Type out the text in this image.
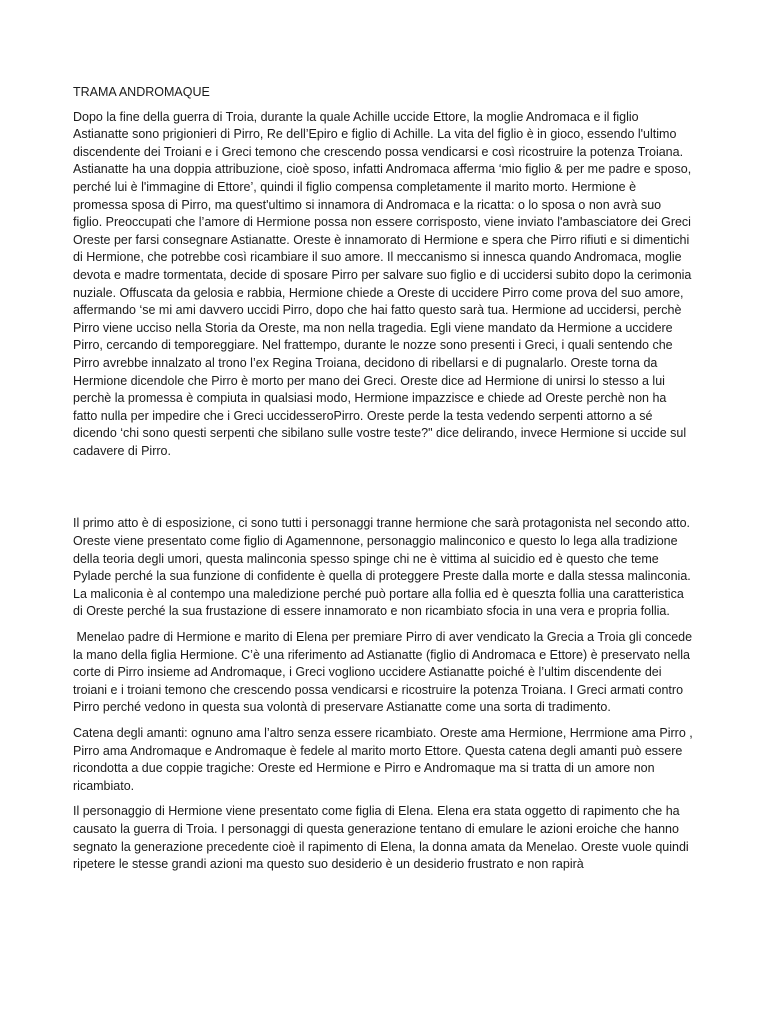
TRAMA ANDROMAQUE

Dopo la fine della guerra di Troia, durante la quale Achille uccide Ettore, la moglie Andromaca e il figlio Astianatte sono prigionieri di Pirro, Re dell’Epiro e figlio di Achille. La vita del figlio è in gioco, essendo l'ultimo discendente dei Troiani e i Greci temono che crescendo possa vendicarsi e così ricostruire la potenza Troiana. Astianatte ha una doppia attribuzione, cioè sposo, infatti Andromaca afferma ‘mio figlio & per me padre e sposo, perché lui è l'immagine di Ettore’, quindi il figlio compensa completamente il marito morto. Hermione è promessa sposa di Pirro, ma quest'ultimo si innamora di Andromaca e la ricatta: o lo sposa o non avrà suo figlio. Preoccupati che l’amore di Hermione possa non essere corrisposto, viene inviato l'ambasciatore dei Greci Oreste per farsi consegnare Astianatte. Oreste è innamorato di Hermione e spera che Pirro rifiuti e si dimentichi di Hermione, che potrebbe così ricambiare il suo amore. Il meccanismo si innesca quando Andromaca, moglie devota e madre tormentata, decide di sposare Pirro per salvare suo figlio e di uccidersi subito dopo la cerimonia nuziale. Offuscata da gelosia e rabbia, Hermione chiede a Oreste di uccidere Pirro come prova del suo amore, affermando ‘se mi ami davvero uccidi Pirro, dopo che hai fatto questo sarà tua. Hermione ad uccidersi, perchè Pirro viene ucciso nella Storia da Oreste, ma non nella tragedia. Egli viene mandato da Hermione a uccidere Pirro, cercando di temporeggiare. Nel frattempo, durante le nozze sono presenti i Greci, i quali sentendo che Pirro avrebbe innalzato al trono l’ex Regina Troiana, decidono di ribellarsi e di pugnalarlo. Oreste torna da Hermione dicendole che Pirro è morto per mano dei Greci. Oreste dice ad Hermione di unirsi lo stesso a lui perchè la promessa è compiuta in qualsiasi modo, Hermione impazzisce e chiede ad Oreste perchè non ha fatto nulla per impedire che i Greci uccidesseroPirro. Oreste perde la testa vedendo serpenti attorno a sé dicendo ‘chi sono questi serpenti che sibilano sulle vostre teste?" dice delirando, invece Hermione si uccide sul cadavere di Pirro.

Il primo atto è di esposizione, ci sono tutti i personaggi tranne hermione che sarà protagonista nel secondo atto. Oreste viene presentato come figlio di Agamennone, personaggio malinconico e questo lo lega alla tradizione della teoria degli umori, questa malinconia spesso spinge chi ne è vittima al suicidio ed è questo che teme Pylade perché la sua funzione di confidente è quella di proteggere Preste dalla morte e dalla stessa malinconia. La maliconia è al contempo una maledizione perché può portare alla follia ed è queszta follia una caratteristica di Oreste perché la sua frustazione di essere innamorato e non ricambiato sfocia in una vera e propria follia.

Menelao padre di Hermione e marito di Elena per premiare Pirro di aver vendicato la Grecia a Troia gli concede la mano della figlia Hermione. C’è una riferimento ad Astianatte (figlio di Andromaca e Ettore) è preservato nella corte di Pirro insieme ad Andromaque, i Greci vogliono uccidere Astianatte poiché è l’ultim discendente dei troiani e i troiani temono che crescendo possa vendicarsi e ricostruire la potenza Troiana. I Greci armati contro Pirro perché vedono in questa sua volontà di preservare Astianatte come una sorta di tradimento.

Catena degli amanti: ognuno ama l’altro senza essere ricambiato. Oreste ama Hermione, Herrmione ama Pirro , Pirro ama Andromaque e Andromaque è fedele al marito morto Ettore. Questa catena degli amanti può essere ricondotta a due coppie tragiche: Oreste ed Hermione e Pirro e Andromaque ma si tratta di un amore non ricambiato.

Il personaggio di Hermione viene presentato come figlia di Elena. Elena era stata oggetto di rapimento che ha causato la guerra di Troia. I personaggi di questa generazione tentano di emulare le azioni eroiche che hanno segnato la generazione precedente cioè il rapimento di Elena, la donna amata da Menelao. Oreste vuole quindi ripetere le stesse grandi azioni ma questo suo desiderio è un desiderio frustrato e non rapirà
